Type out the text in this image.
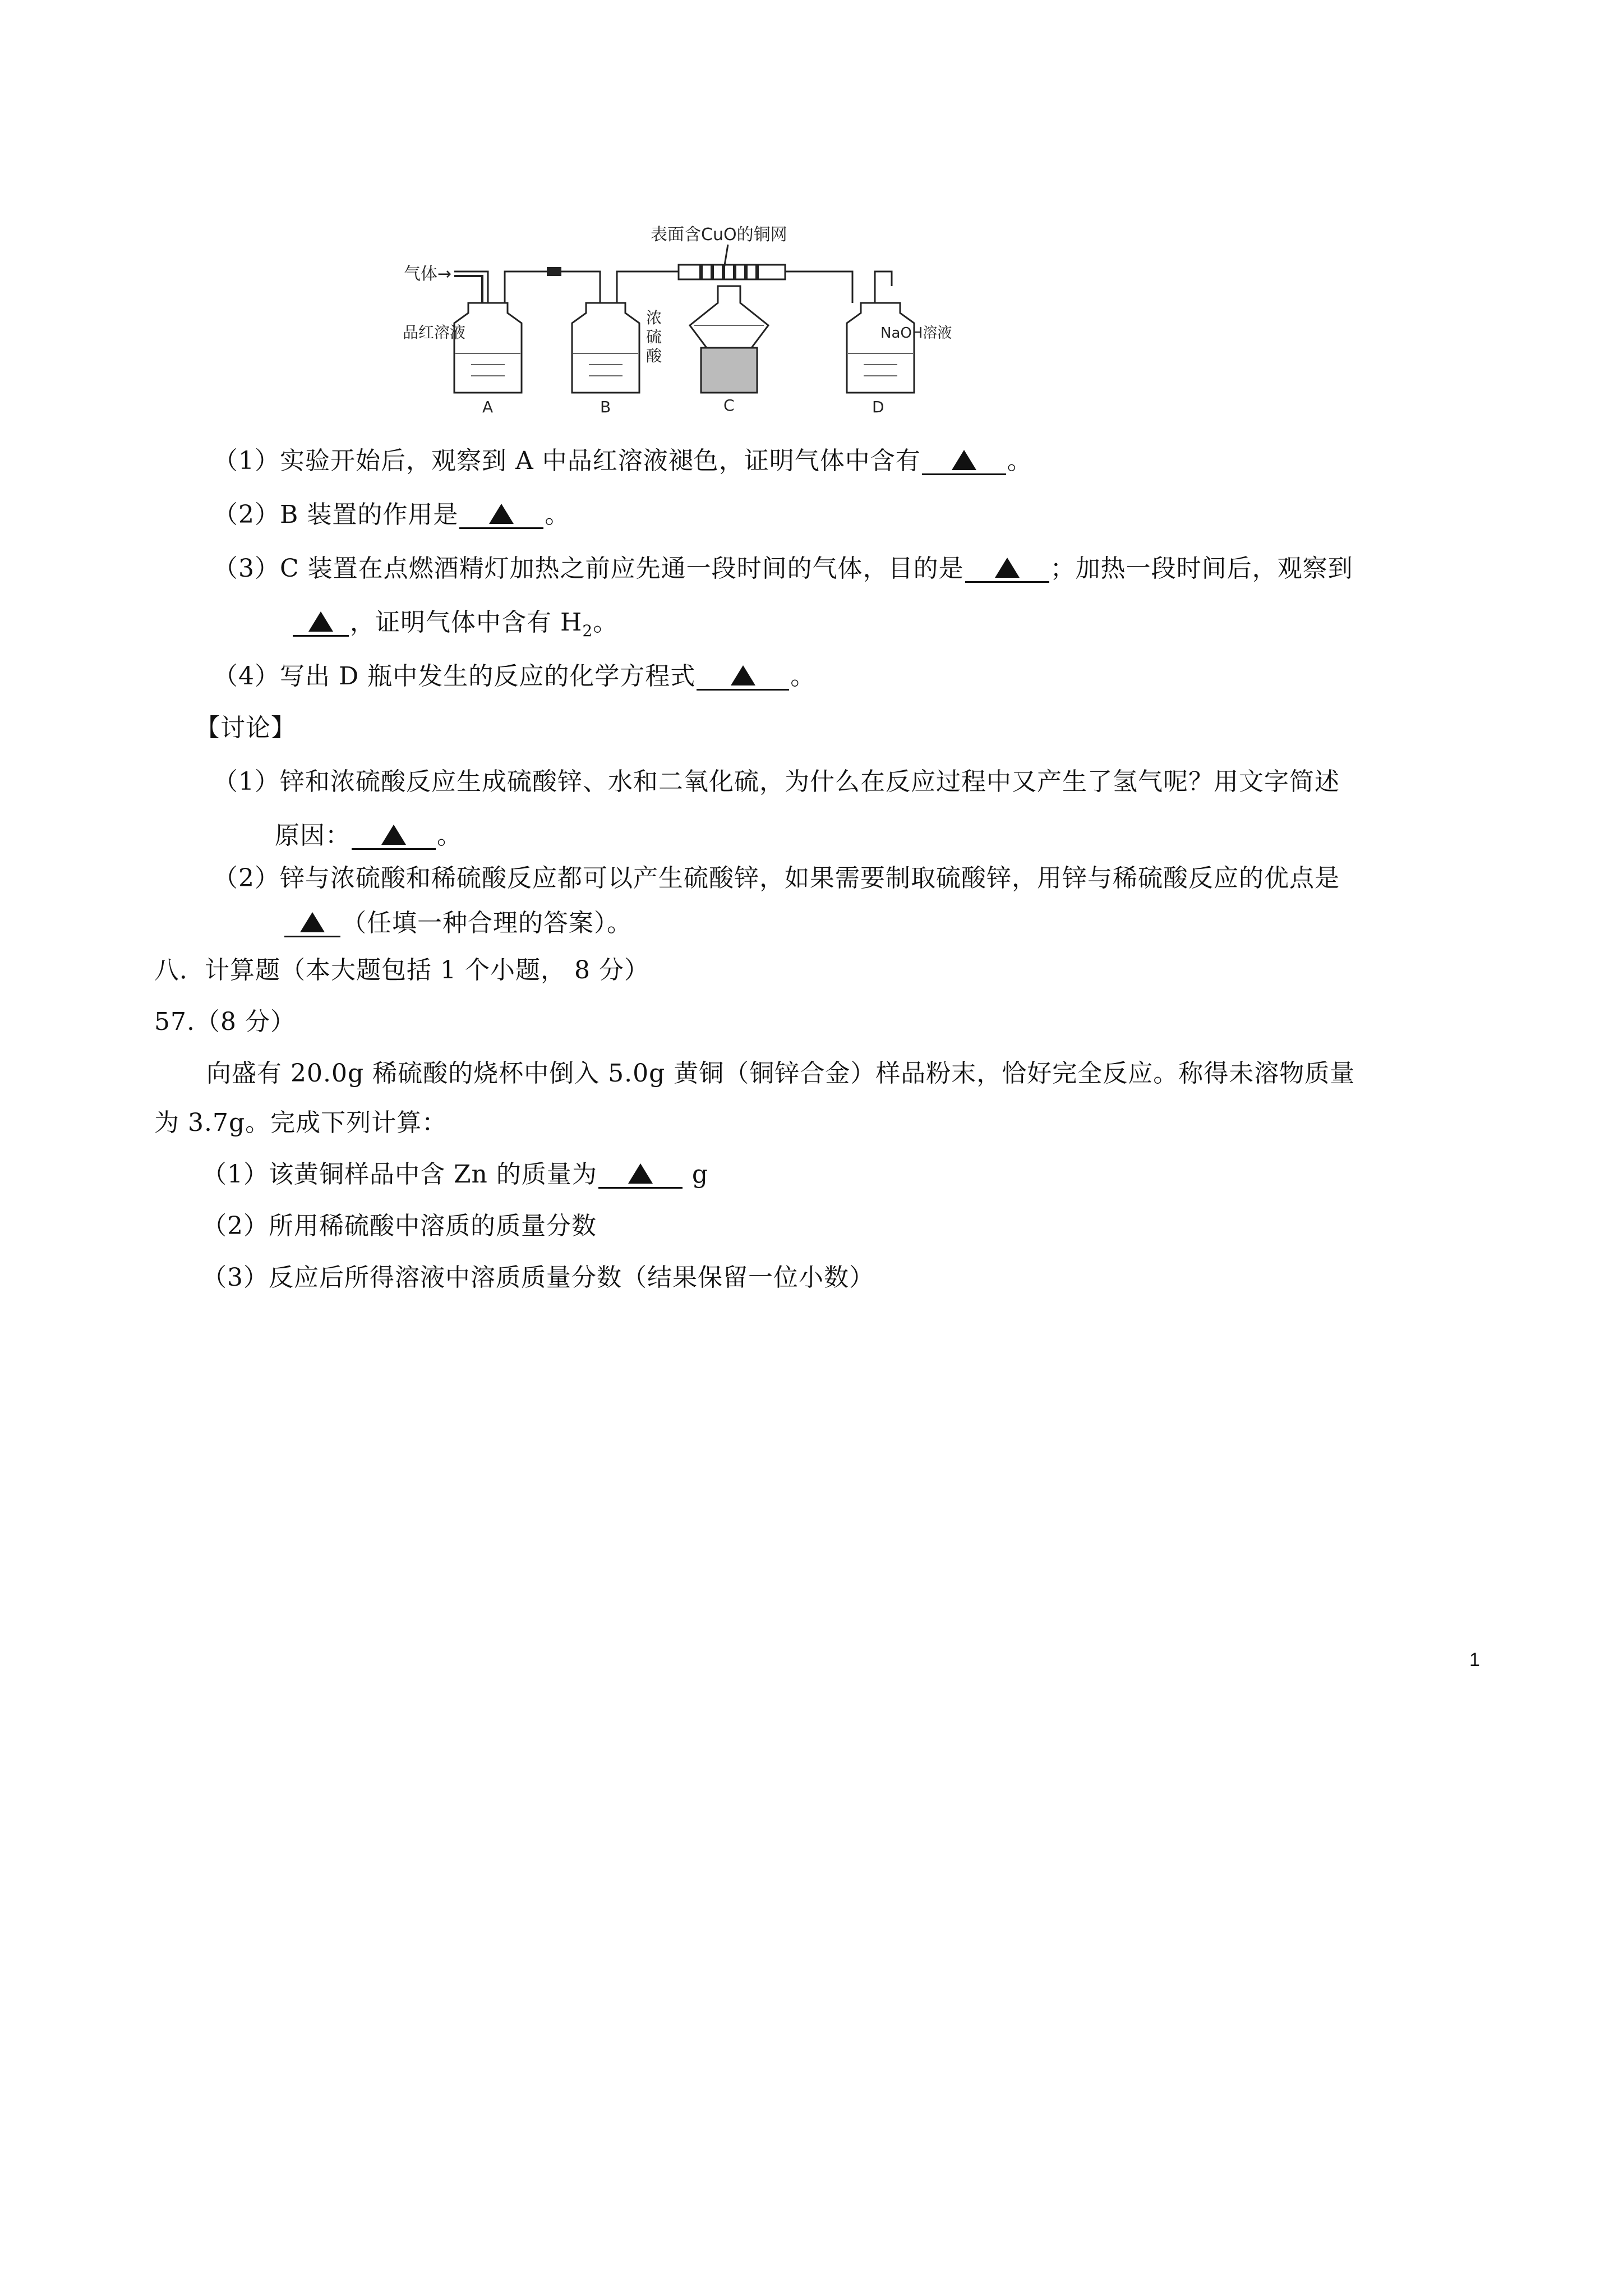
表面含CuO的铜网
气体→
品红溶液
A
浓
硫
酸
B	C
NaOH溶液
D
（1）实验开始后，观察到 A 中品红溶液褪色，证明气体中含有	。
（2）B 装置的作用是	。
（3）C 装置在点燃酒精灯加热之前应先通一段时间的气体，目的是	；加热一段时间后，观察到
，证明气体中含有 $H_2$。
（4）写出 D 瓶中发生的反应的化学方程式	。
【讨论】
（1）锌和浓硫酸反应生成硫酸锌、水和二氧化硫，为什么在反应过程中又产生了氢气呢？用文字简述
原因：	。
（2）锌与浓硫酸和稀硫酸反应都可以产生硫酸锌，如果需要制取硫酸锌，用锌与稀硫酸反应的优点是
（任填一种合理的答案）。
八．计算题（本大题包括 1 个小题， 8 分）
57.（8 分）
向盛有 20.0g 稀硫酸的烧杯中倒入 5.0g 黄铜（铜锌合金）样品粉末，恰好完全反应。称得未溶物质量
为 3.7g。完成下列计算：
（1）该黄铜样品中含 Zn 的质量为	g
（2）所用稀硫酸中溶质的质量分数
（3）反应后所得溶液中溶质质量分数（结果保留一位小数）
1
